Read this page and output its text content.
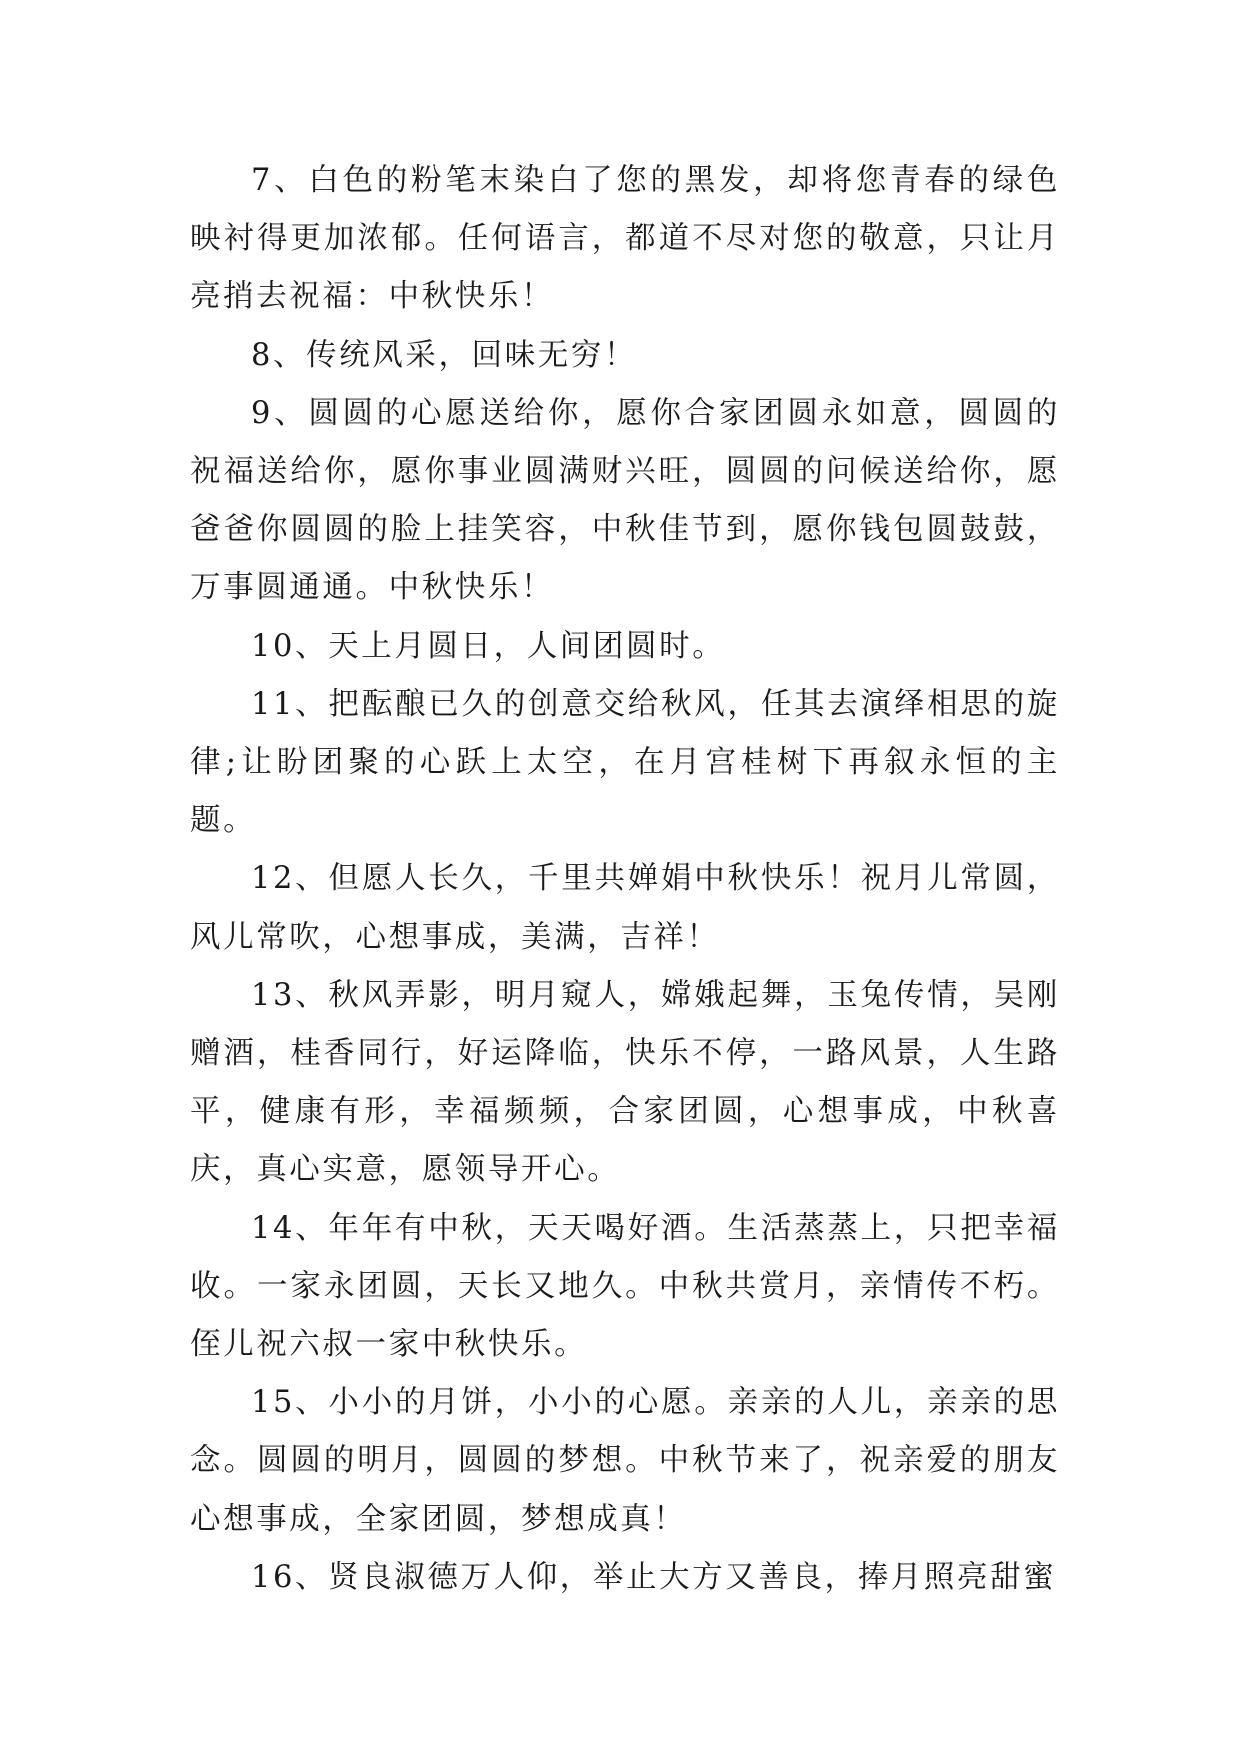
7、白色的粉笔末染白了您的黑发，却将您青春的绿色映衬得更加浓郁。任何语言，都道不尽对您的敬意，只让月亮捎去祝福：中秋快乐！

8、传统风采，回味无穷！

9、圆圆的心愿送给你，愿你合家团圆永如意，圆圆的祝福送给你，愿你事业圆满财兴旺，圆圆的问候送给你，愿爸爸你圆圆的脸上挂笑容，中秋佳节到，愿你钱包圆鼓鼓，万事圆通通。中秋快乐！

10、天上月圆日，人间团圆时。

11、把酝酿已久的创意交给秋风，任其去演绎相思的旋律;让盼团聚的心跃上太空，在月宫桂树下再叙永恒的主题。

12、但愿人长久，千里共婵娟中秋快乐！祝月儿常圆，风儿常吹，心想事成，美满，吉祥！

13、秋风弄影，明月窥人，嫦娥起舞，玉兔传情，吴刚赠酒，桂香同行，好运降临，快乐不停，一路风景，人生路平，健康有形，幸福频频，合家团圆，心想事成，中秋喜庆，真心实意，愿领导开心。

14、年年有中秋，天天喝好酒。生活蒸蒸上，只把幸福收。一家永团圆，天长又地久。中秋共赏月，亲情传不朽。侄儿祝六叔一家中秋快乐。

15、小小的月饼，小小的心愿。亲亲的人儿，亲亲的思念。圆圆的明月，圆圆的梦想。中秋节来了，祝亲爱的朋友心想事成，全家团圆，梦想成真！

16、贤良淑德万人仰，举止大方又善良，捧月照亮甜蜜
